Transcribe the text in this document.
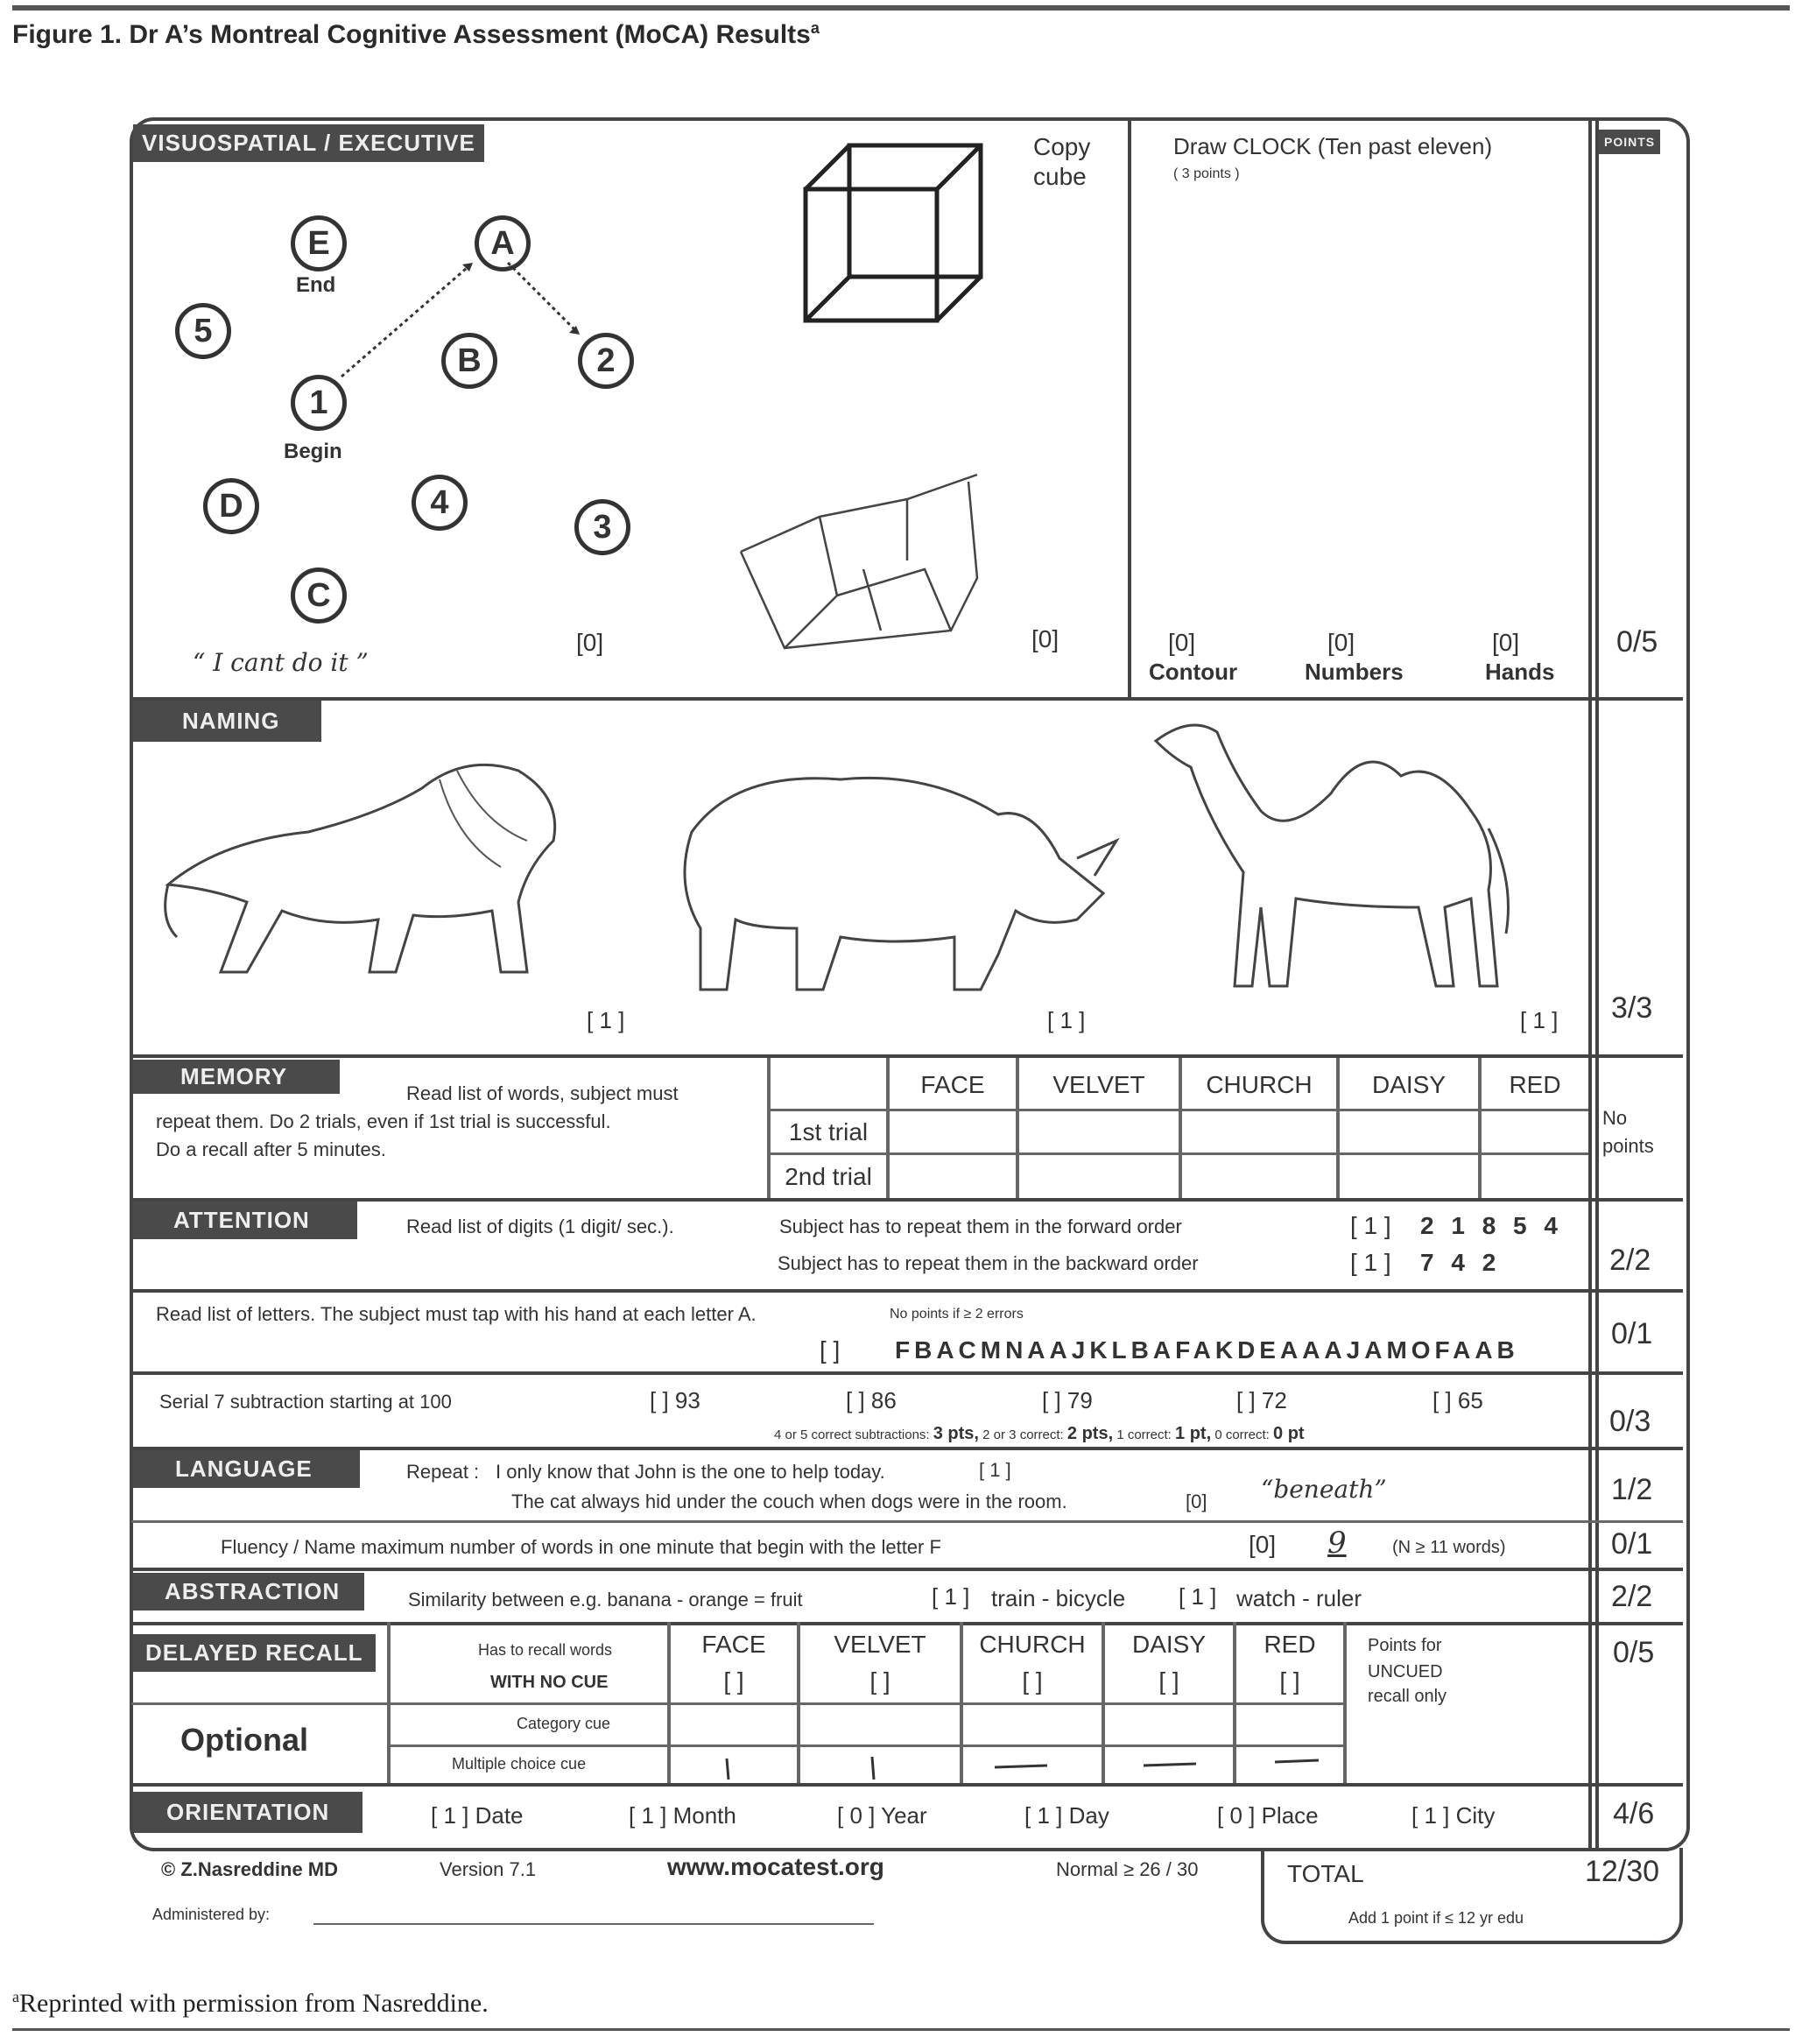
Figure 1. Dr A’s Montreal Cognitive Assessment (MoCA) Results$^a$
POINTS
VISUOSPATIAL / EXECUTIVE
E
End
A
5
B	2
1
Begin
D	4
3
C
“ I cant do it ”
[0]
Copy
cube
[0]
Draw CLOCK (Ten past eleven)
( 3 points )
[0]
Contour
[0]
Numbers
[0]
Hands
0/5
NAMING
[ 1 ]	[ 1 ]	[ 1 ] 3/3
MEMORY
Read list of words, subject must
repeat them. Do 2 trials, even if 1st trial is successful.
Do a recall after 5 minutes.
FACE	VELVET	CHURCH	DAISY	RED
1st trial
2nd trial
No
points
ATTENTION	Read list of digits (1 digit/ sec.).	Subject has to repeat them in the forward order
Subject has to repeat them in the backward order
[ 1 ] 2 1 8 5 4
[ 1 ] 7 4 2	2/2
Read list of letters. The subject must tap with his hand at each letter A.	No points if ≥ 2 errors
[ ] FBACMNAAJKLBAFAKDEAAAJAMOFAAB	0/1
Serial 7 subtraction starting at 100	[ ] 93	[ ] 86	[ ] 79	[ ] 72	[ ] 65
4 or 5 correct subtractions: 3 pts, 2 or 3 correct: 2 pts, 1 correct: 1 pt, 0 correct: 0 pt	0/3
LANGUAGE	Repeat : I only know that John is the one to help today.	[ 1 ]
The cat always hid under the couch when dogs were in the room.	[0] “beneath”	1/2
Fluency / Name maximum number of words in one minute that begin with the letter F	[0] 9	(N ≥ 11 words)	0/1
ABSTRACTION	Similarity between e.g. banana - orange = fruit	[ 1 ] train - bicycle [ 1 ] watch - ruler	2/2
DELAYED RECALL	Has to recall words
WITH NO CUE
FACE	VELVET	CHURCH	DAISY	RED
[ ]	[ ]	[ ]	[ ]	[ ]
Points for
UNCUED
recall only
Optional	Category cue
Multiple choice cue
0/5
ORIENTATION	[ 1 ] Date	[ 1 ] Month	[ 0 ] Year	[ 1 ] Day	[ 0 ] Place	[ 1 ] City	4/6
© Z.Nasreddine MD	Version 7.1	www.mocatest.org	Normal ≥ 26 / 30
Administered by:
TOTAL	12/30
Add 1 point if ≤ 12 yr edu
$^a$Reprinted with permission from Nasreddine.
